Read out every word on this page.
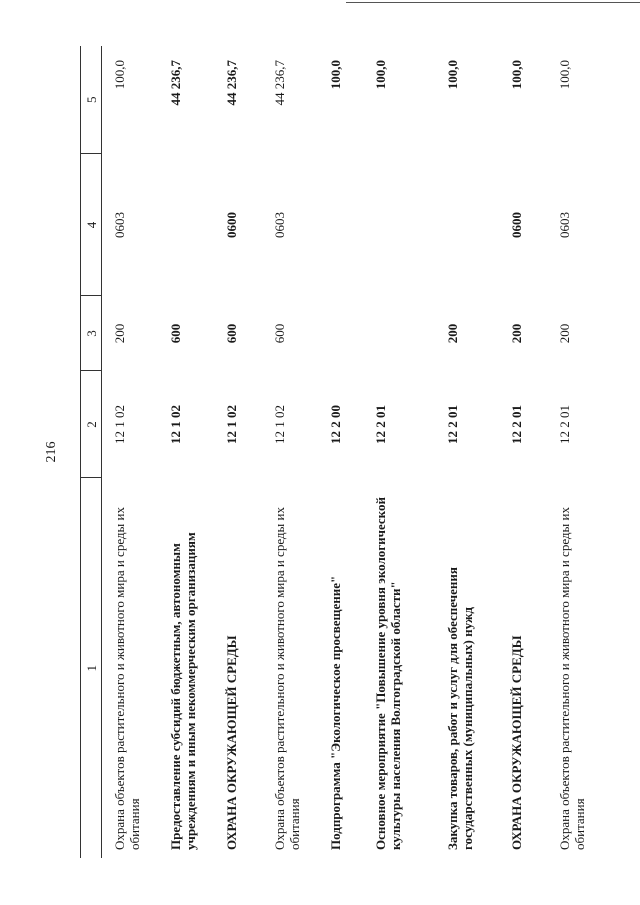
216
1	2	3	4	5
Охрана объектов растительного и животного мира и среды их обитания	12 1 02	200	0603	100,0
Предоставление субсидий бюджетным, автономным учреждениям и иным некоммерческим организациям	12 1 02	600		44 236,7
ОХРАНА ОКРУЖАЮЩЕЙ СРЕДЫ	12 1 02	600	0600	44 236,7
Охрана объектов растительного и животного мира и среды их обитания	12 1 02	600	0603	44 236,7
Подпрограмма "Экологическое просвещение"	12 2 00			100,0
Основное мероприятие "Повышение уровня экологической культуры населения Волгоградской области"	12 2 01			100,0
Закупка товаров, работ и услуг для обеспечения государственных (муниципальных) нужд	12 2 01	200		100,0
ОХРАНА ОКРУЖАЮЩЕЙ СРЕДЫ	12 2 01	200	0600	100,0
Охрана объектов растительного и животного мира и среды их обитания	12 2 01	200	0603	100,0
